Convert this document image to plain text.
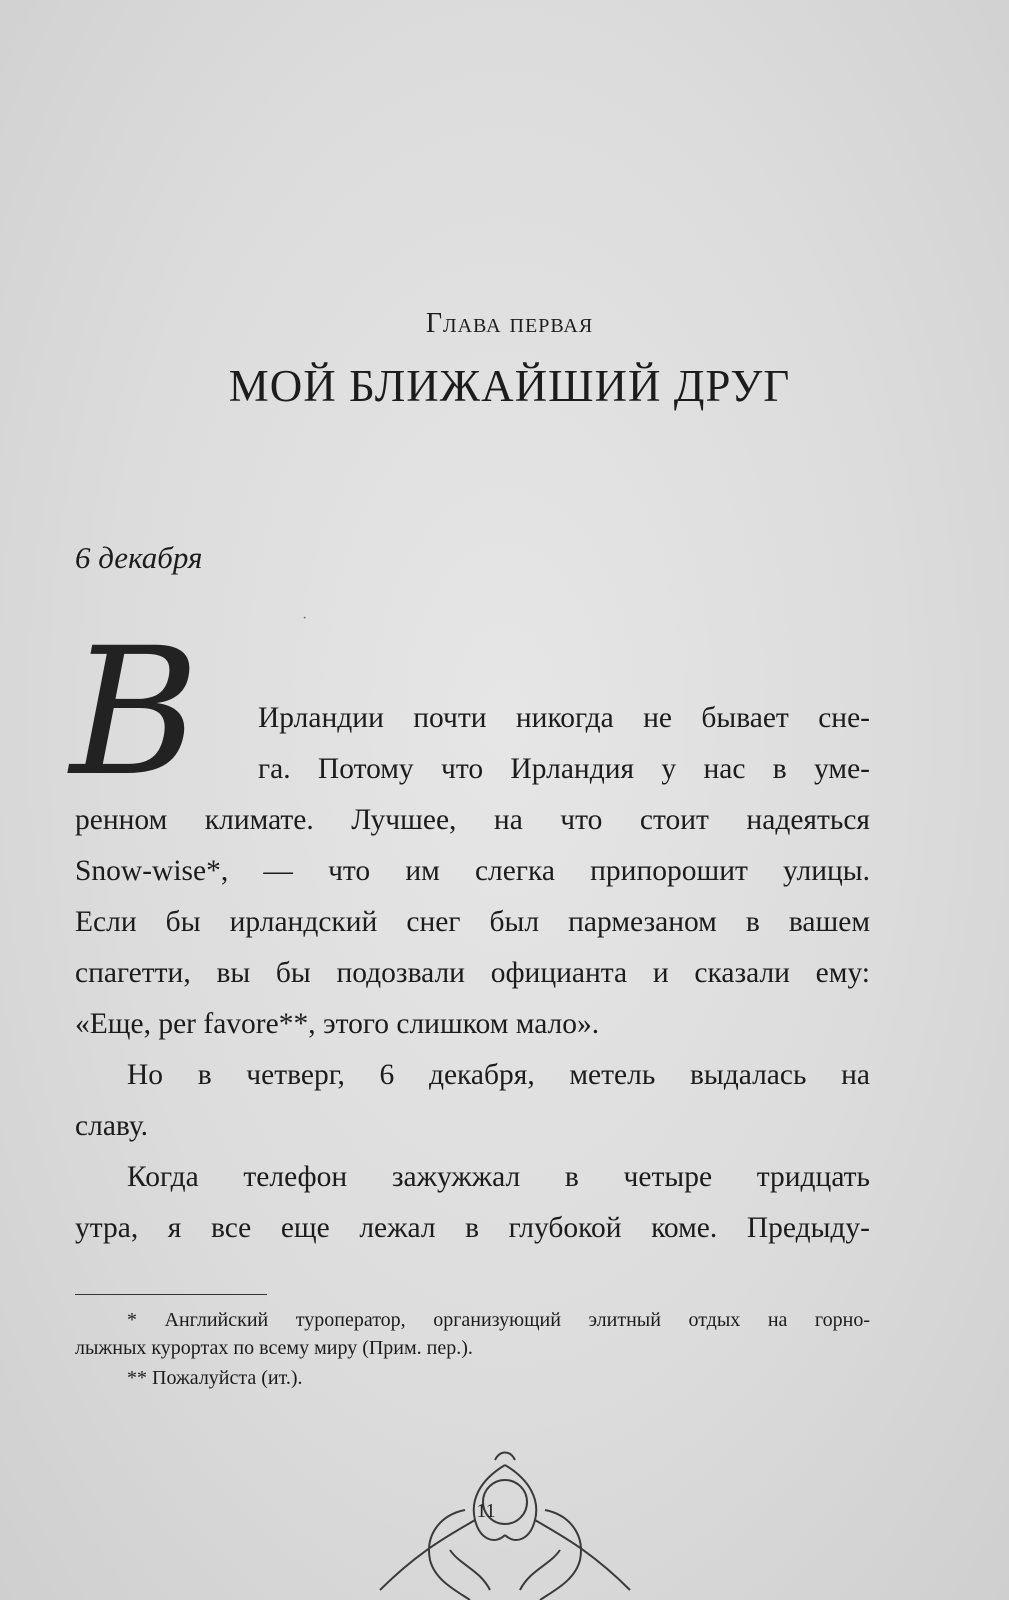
Глава первая
МОЙ БЛИЖАЙШИЙ ДРУГ
6 декабря
·
В Ирландии почти никогда не бывает сне-
га. Потому что Ирландия у нас в уме-
ренном климате. Лучшее, на что стоит надеяться
Snow-wise*, — что им слегка припорошит улицы.
Если бы ирландский снег был пармезаном в вашем
спагетти, вы бы подозвали официанта и сказали ему:
«Еще, per favore**, этого слишком мало».
Но в четверг, 6 декабря, метель выдалась на
славу.
Когда телефон зажужжал в четыре тридцать
утра, я все еще лежал в глубокой коме. Предыду-
* Английский туроператор, организующий элитный отдых на горно-
лыжных курортах по всему миру (Прим. пер.).
** Пожалуйста (ит.).
11
